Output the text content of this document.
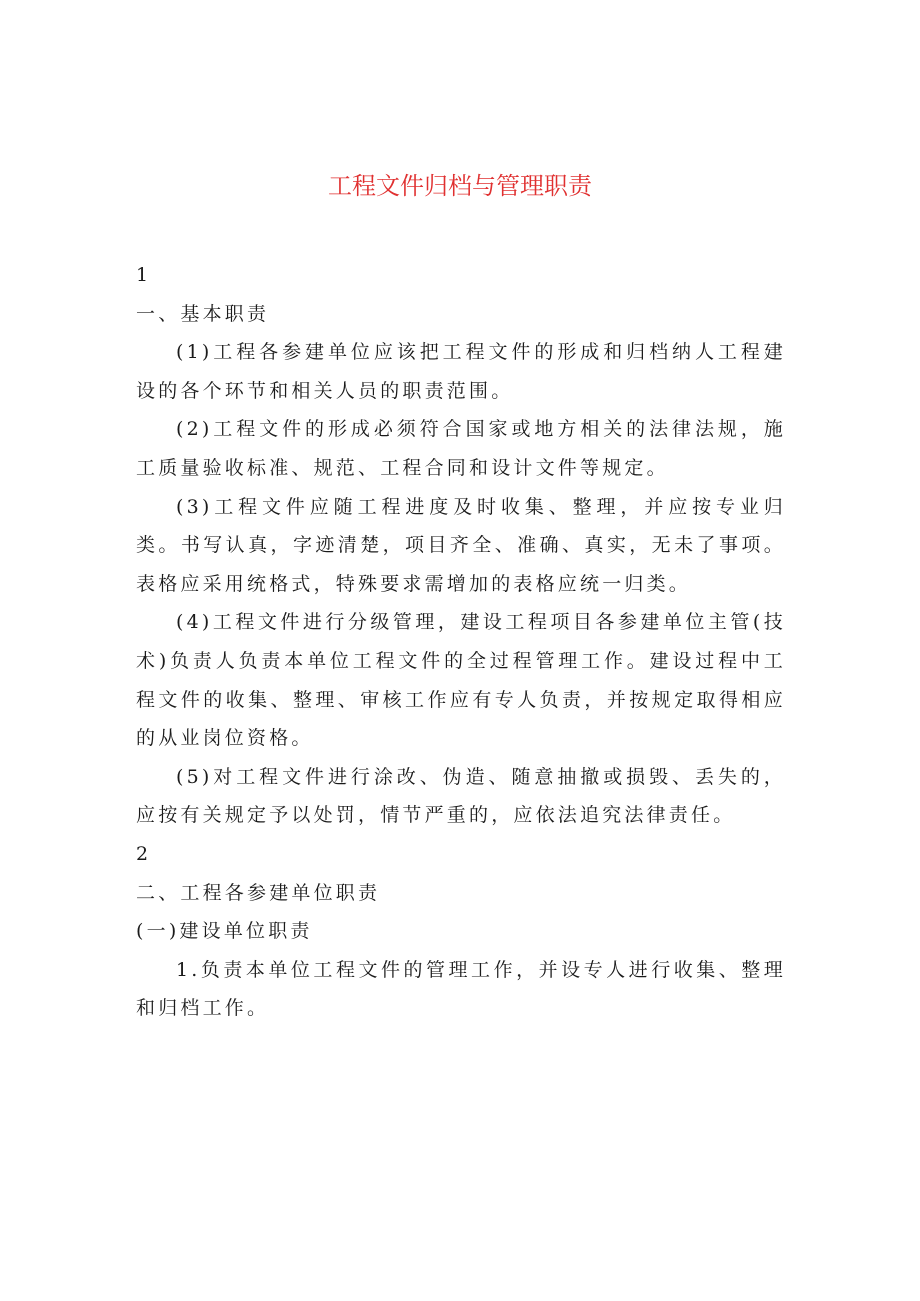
工程文件归档与管理职责

1

一、基本职责

(1)工程各参建单位应该把工程文件的形成和归档纳人工程建设的各个环节和相关人员的职责范围。

(2)工程文件的形成必须符合国家或地方相关的法律法规，施工质量验收标准、规范、工程合同和设计文件等规定。

(3)工程文件应随工程进度及时收集、整理，并应按专业归类。书写认真，字迹清楚，项目齐全、准确、真实，无未了事项。表格应采用统格式，特殊要求需增加的表格应统一归类。

(4)工程文件进行分级管理，建设工程项目各参建单位主管(技术)负责人负责本单位工程文件的全过程管理工作。建设过程中工程文件的收集、整理、审核工作应有专人负责，并按规定取得相应的从业岗位资格。

(5)对工程文件进行涂改、伪造、随意抽撤或损毁、丢失的，应按有关规定予以处罚，情节严重的，应依法追究法律责任。

2

二、工程各参建单位职责

(一)建设单位职责

1.负责本单位工程文件的管理工作，并设专人进行收集、整理和归档工作。
